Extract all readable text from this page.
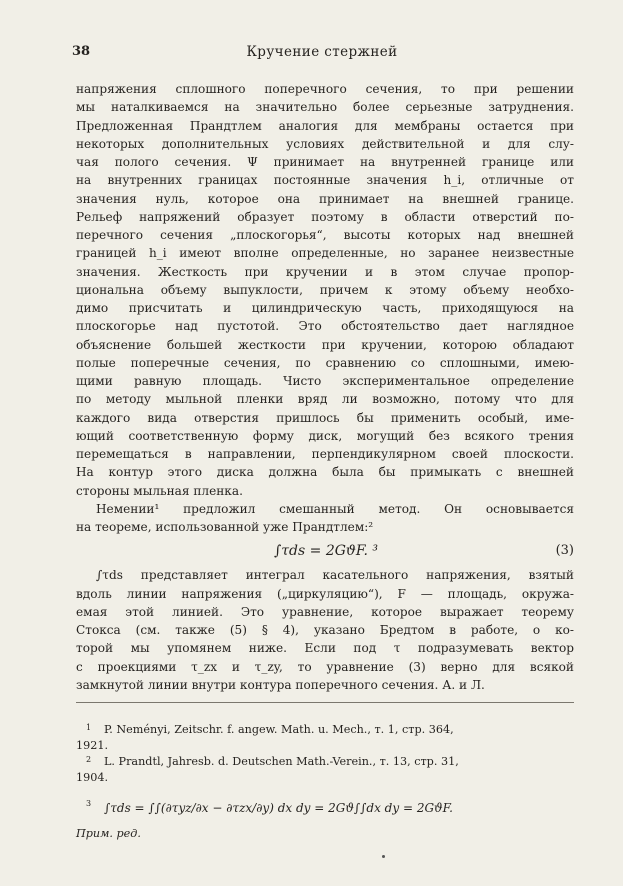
38	Кручение стержней
напряжения сплошного поперечного сечения, то при решении
мы наталкиваемся на значительно более серьезные затруднения.
Предложенная Прандтлем аналогия для мембраны остается при
некоторых дополнительных условиях действительной и для слу-
чая полого сечения. Ψ принимает на внутренней границе или
на внутренних границах постоянные значения h_i, отличные от
значения нуль, которое она принимает на внешней границе.
Рельеф напряжений образует поэтому в области отверстий по-
перечного сечения „плоскогорья“, высоты которых над внешней
границей h_i имеют вполне определенные, но заранее неизвестные
значения. Жесткость при кручении и в этом случае пропор-
циональна объему выпуклости, причем к этому объему необхо-
димо присчитать и цилиндрическую часть, приходящуюся на
плоскогорье над пустотой. Это обстоятельство дает наглядное
объяснение большей жесткости при кручении, которою обладают
полые поперечные сечения, по сравнению со сплошными, имею-
щими равную площадь. Чисто экспериментальное определение
по методу мыльной пленки вряд ли возможно, потому что для
каждого вида отверстия пришлось бы применить особый, име-
ющий соответственную форму диск, могущий без всякого трения
перемещаться в направлении, перпендикулярном своей плоскости.
На контур этого диска должна была бы примыкать с внешней
стороны мыльная пленка.
Немении¹ предложил смешанный метод. Он основывается
на теореме, использованной уже Прандтлем:²
∫τds = 2GϑF. ³	(3)
∫τds представляет интеграл касательного напряжения, взятый
вдоль линии напряжения („циркуляцию“), F — площадь, окружа-
емая этой линией. Это уравнение, которое выражает теорему
Стокса (см. также (5) § 4), указано Бредтом в работе, о ко-
торой мы упомянем ниже. Если под τ подразумевать вектор
с проекциями τ_zx и τ_zy, то уравнение (3) верно для всякой
замкнутой линии внутри контура поперечного сечения. А. и Л.
1	P. Neményi, Zeitschr. f. angew. Math. u. Mech., т. 1, стр. 364,
1921.
2	L. Prandtl, Jahresb. d. Deutschen Math.-Verein., т. 13, стр. 31,
1904.
3	∫τds = ∫∫(∂τyz/∂x − ∂τzx/∂y) dx dy = 2Gϑ∫∫dx dy = 2GϑF.
Прим. ред.
